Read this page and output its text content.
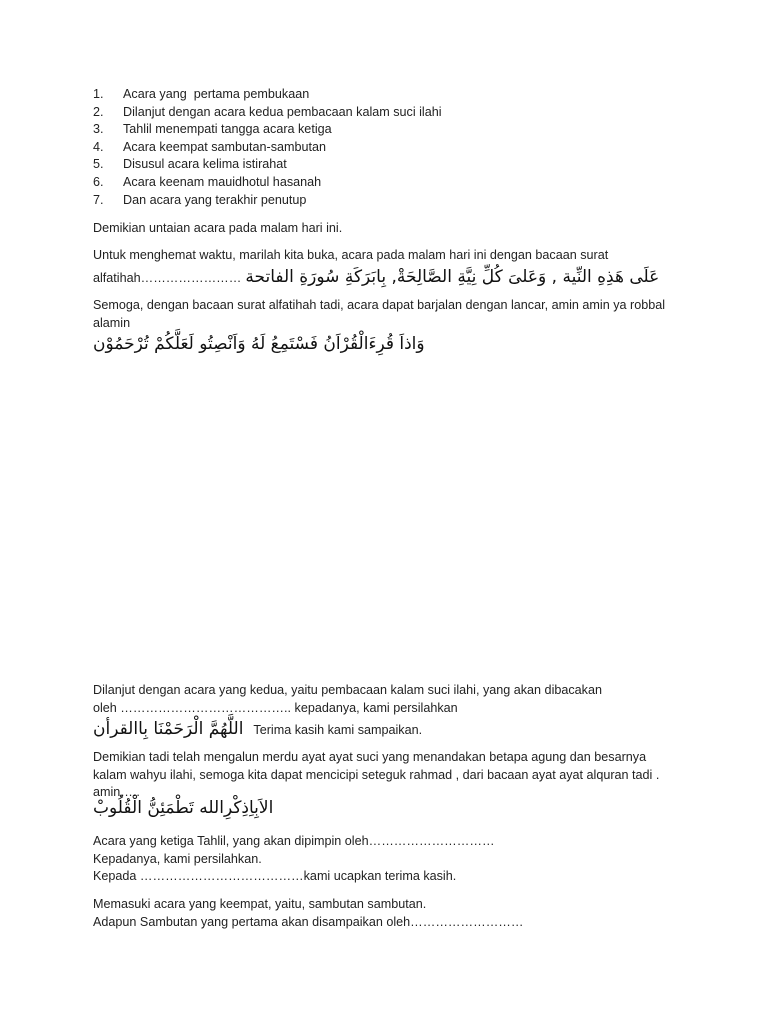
1.	Acara yang  pertama pembukaan
2.	Dilanjut dengan acara kedua pembacaan kalam suci ilahi
3.	Tahlil menempati tangga acara ketiga
4.	Acara keempat sambutan-sambutan
5.	Disusul acara kelima istirahat
6.	Acara keenam mauidhotul hasanah
7.	Dan acara yang terakhir penutup

Demikian untaian acara pada malam hari ini.

Untuk menghemat waktu, marilah kita buka, acara pada malam hari ini dengan bacaan surat

alfatihah…………………… عَلَى هَذِهِ النِّية , وَعَلىَ كُلِّ نِيَّةِ الصَّالِحَةْ, بِابَرَكَةِ سُورَةِ الفاتحة

Semoga, dengan bacaan surat alfatihah tadi, acara dapat barjalan dengan lancar, amin amin ya robbal

alamin

وَاذاَ قُرِءَالْقُرْاَنُ فَسْتَمِعُ لَهُ وَاَنْصِتُو لَعَلَّكُمْ تُرْحَمُوْن

Dilanjut dengan acara yang kedua, yaitu pembacaan kalam suci ilahi, yang akan dibacakan

oleh ………………………………….. kepadanya, kami persilahkan

اللَّهُمَّ الْرَحَمْنَا بِاالقرأن Terima kasih kami sampaikan.

Demikian tadi telah mengalun merdu ayat ayat suci yang menandakan betapa agung dan besarnya

kalam wahyu ilahi, semoga kita dapat mencicipi seteguk rahmad , dari bacaan ayat ayat alquran tadi .

amin…..

الاَبِاِذِكْرِالله تَطْمَئِنُّ الْقُلُوبْ

Acara yang ketiga Tahlil, yang akan dipimpin oleh…………………………

Kepadanya, kami persilahkan.

Kepada …………………………………kami ucapkan terima kasih.

Memasuki acara yang keempat, yaitu, sambutan sambutan.

Adapun Sambutan yang pertama akan disampaikan oleh………………………
